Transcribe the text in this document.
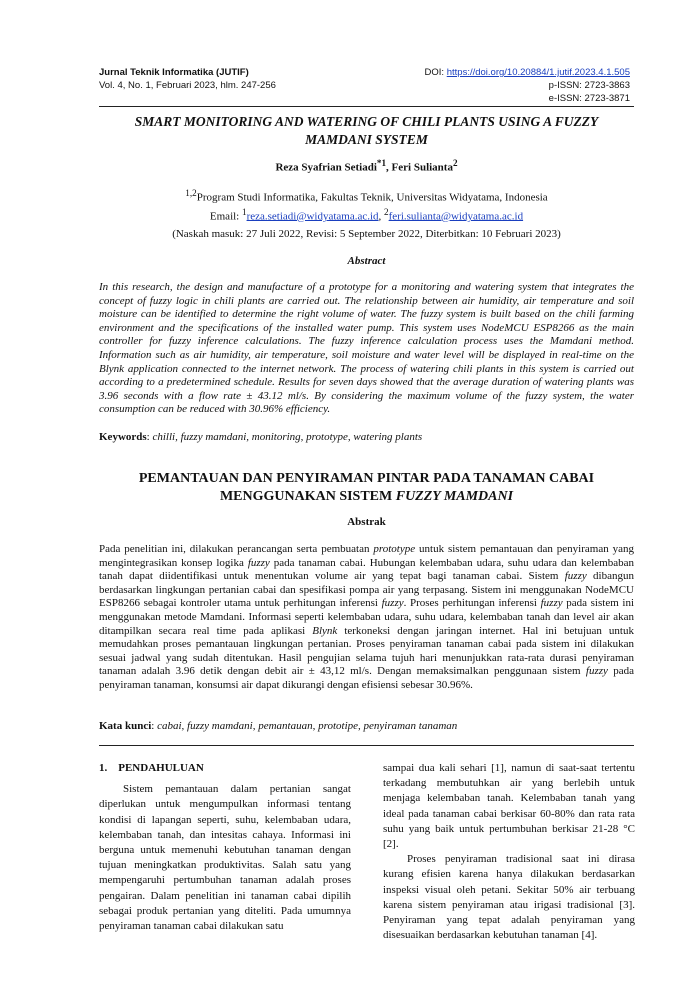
Jurnal Teknik Informatika (JUTIF)
Vol. 4, No. 1, Februari 2023, hlm. 247-256
DOI: https://doi.org/10.20884/1.jutif.2023.4.1.505
p-ISSN: 2723-3863
e-ISSN: 2723-3871
SMART MONITORING AND WATERING OF CHILI PLANTS USING A FUZZY
MAMDANI SYSTEM
Reza Syafrian Setiadi$^{*1}$, Feri Sulianta$^2$
$^{1,2}$Program Studi Informatika, Fakultas Teknik, Universitas Widyatama, Indonesia
Email: $^1$reza.setiadi@widyatama.ac.id, $^2$feri.sulianta@widyatama.ac.id
(Naskah masuk: 27 Juli 2022, Revisi: 5 September 2022, Diterbitkan: 10 Februari 2023)
Abstract
In this research, the design and manufacture of a prototype for a monitoring and watering system that integrates the concept of fuzzy logic in chili plants are carried out. The relationship between air humidity, air temperature and soil moisture can be identified to determine the right volume of water. The fuzzy system is built based on the chili farming environment and the specifications of the installed water pump. This system uses NodeMCU ESP8266 as the main controller for fuzzy inference calculations. The fuzzy inference calculation process uses the Mamdani method. Information such as air humidity, air temperature, soil moisture and water level will be displayed in real-time on the Blynk application connected to the internet network. The process of watering chili plants in this system is carried out according to a predetermined schedule. Results for seven days showed that the average duration of watering plants was 3.96 seconds with a flow rate ± 43.12 ml/s. By considering the maximum volume of the fuzzy system, the water consumption can be reduced with 30.96% efficiency.
Keywords: chilli, fuzzy mamdani, monitoring, prototype, watering plants
PEMANTAUAN DAN PENYIRAMAN PINTAR PADA TANAMAN CABAI
MENGGUNAKAN SISTEM FUZZY MAMDANI
Abstrak
Pada penelitian ini, dilakukan perancangan serta pembuatan prototype untuk sistem pemantauan dan penyiraman yang mengintegrasikan konsep logika fuzzy pada tanaman cabai. Hubungan kelembaban udara, suhu udara dan kelembaban tanah dapat diidentifikasi untuk menentukan volume air yang tepat bagi tanaman cabai. Sistem fuzzy dibangun berdasarkan lingkungan pertanian cabai dan spesifikasi pompa air yang terpasang. Sistem ini menggunakan NodeMCU ESP8266 sebagai kontroler utama untuk perhitungan inferensi fuzzy. Proses perhitungan inferensi fuzzy pada sistem ini menggunakan metode Mamdani. Informasi seperti kelembaban udara, suhu udara, kelembaban tanah dan level air akan ditampilkan secara real time pada aplikasi Blynk terkoneksi dengan jaringan internet. Hal ini betujuan untuk memudahkan proses pemantauan lingkungan pertanian. Proses penyiraman tanaman cabai pada sistem ini dilakukan sesuai jadwal yang sudah ditentukan. Hasil pengujian selama tujuh hari menunjukkan rata-rata durasi penyiraman tanaman adalah 3.96 detik dengan debit air ± 43,12 ml/s. Dengan memaksimalkan penggunaan sistem fuzzy pada penyiraman tanaman, konsumsi air dapat dikurangi dengan efisiensi sebesar 30.96%.
Kata kunci: cabai, fuzzy mamdani, pemantauan, prototipe, penyiraman tanaman
1.    PENDAHULUAN
Sistem pemantauan dalam pertanian sangat diperlukan untuk mengumpulkan informasi tentang kondisi di lapangan seperti, suhu, kelembaban udara, kelembaban tanah, dan intesitas cahaya. Informasi ini berguna untuk memenuhi kebutuhan tanaman dengan tujuan meningkatkan produktivitas. Salah satu yang mempengaruhi pertumbuhan tanaman adalah proses pengairan. Dalam penelitian ini tanaman cabai dipilih sebagai produk pertanian yang diteliti. Pada umumnya penyiraman tanaman cabai dilakukan satu
sampai dua kali sehari [1], namun di saat-saat tertentu terkadang membutuhkan air yang berlebih untuk menjaga kelembaban tanah. Kelembaban tanah yang ideal pada tanaman cabai berkisar 60-80% dan rata rata suhu yang baik untuk pertumbuhan berkisar 21-28 °C [2].
Proses penyiraman tradisional saat ini dirasa kurang efisien karena hanya dilakukan berdasarkan inspeksi visual oleh petani. Sekitar 50% air terbuang karena sistem penyiraman atau irigasi tradisional [3]. Penyiraman yang tepat adalah penyiraman yang disesuaikan berdasarkan kebutuhan tanaman [4].
